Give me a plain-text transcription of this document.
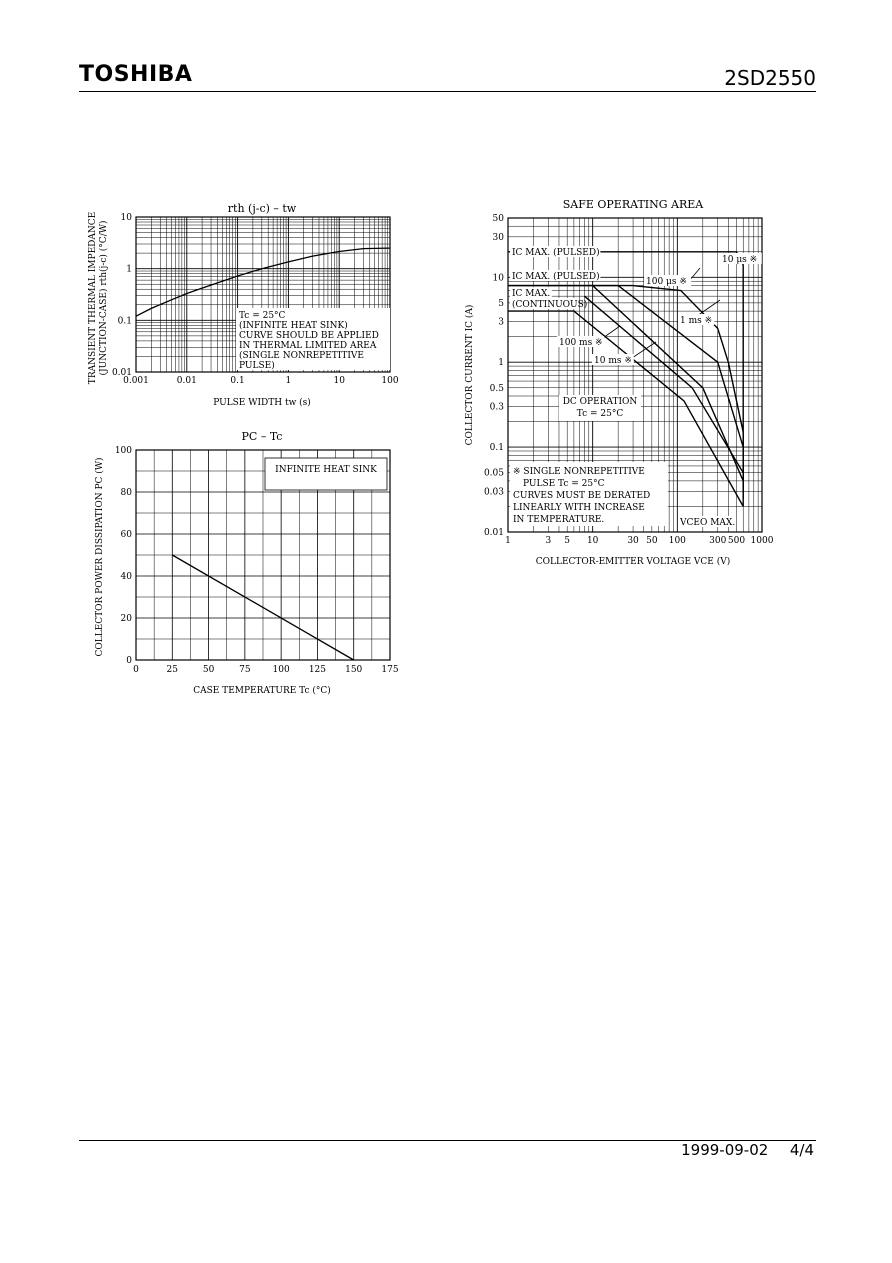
TOSHIBA	2SD2550
1999-09-02 4/4
0.001	0.01	0.1	1	10	100
0.01
0.1
1
10
Tc = 25°C
(INFINITE HEAT SINK)
CURVE SHOULD BE APPLIED
IN THERMAL LIMITED AREA
(SINGLE NONREPETITIVE
PULSE)
rth (j-c) – tw
PULSE WIDTH tw (s)
TRANSIENT THERMAL IMPEDANCE (JUNCTION-CASE) rth(j-c) (°C/W)
0	25	50	75 100 125 150 175
0
20
40
60
80
100
INFINITE HEAT SINK
PC – Tc
CASE TEMPERATURE Tc (°C)
COLLECTOR POWER DISSIPATION PC (W)	1	3 5 10	30 50 100	300 500 1000
0.01
0.03
0.05
0.1
0.3
0.5
1
3
5
10
30
50
IC MAX. (PULSED)
IC MAX. (PULSED)
IC MAX.
(CONTINUOUS)
10 μs ※
100 μs ※
1 ms ※
100 ms ※
10 ms ※
DC OPERATION
Tc = 25°C
※ SINGLE NONREPETITIVE
PULSE Tc = 25°C
CURVES MUST BE DERATED
LINEARLY WITH INCREASE
IN TEMPERATURE.	VCEO MAX.
SAFE OPERATING AREA
COLLECTOR-EMITTER VOLTAGE VCE (V)
COLLECTOR CURRENT IC (A)
